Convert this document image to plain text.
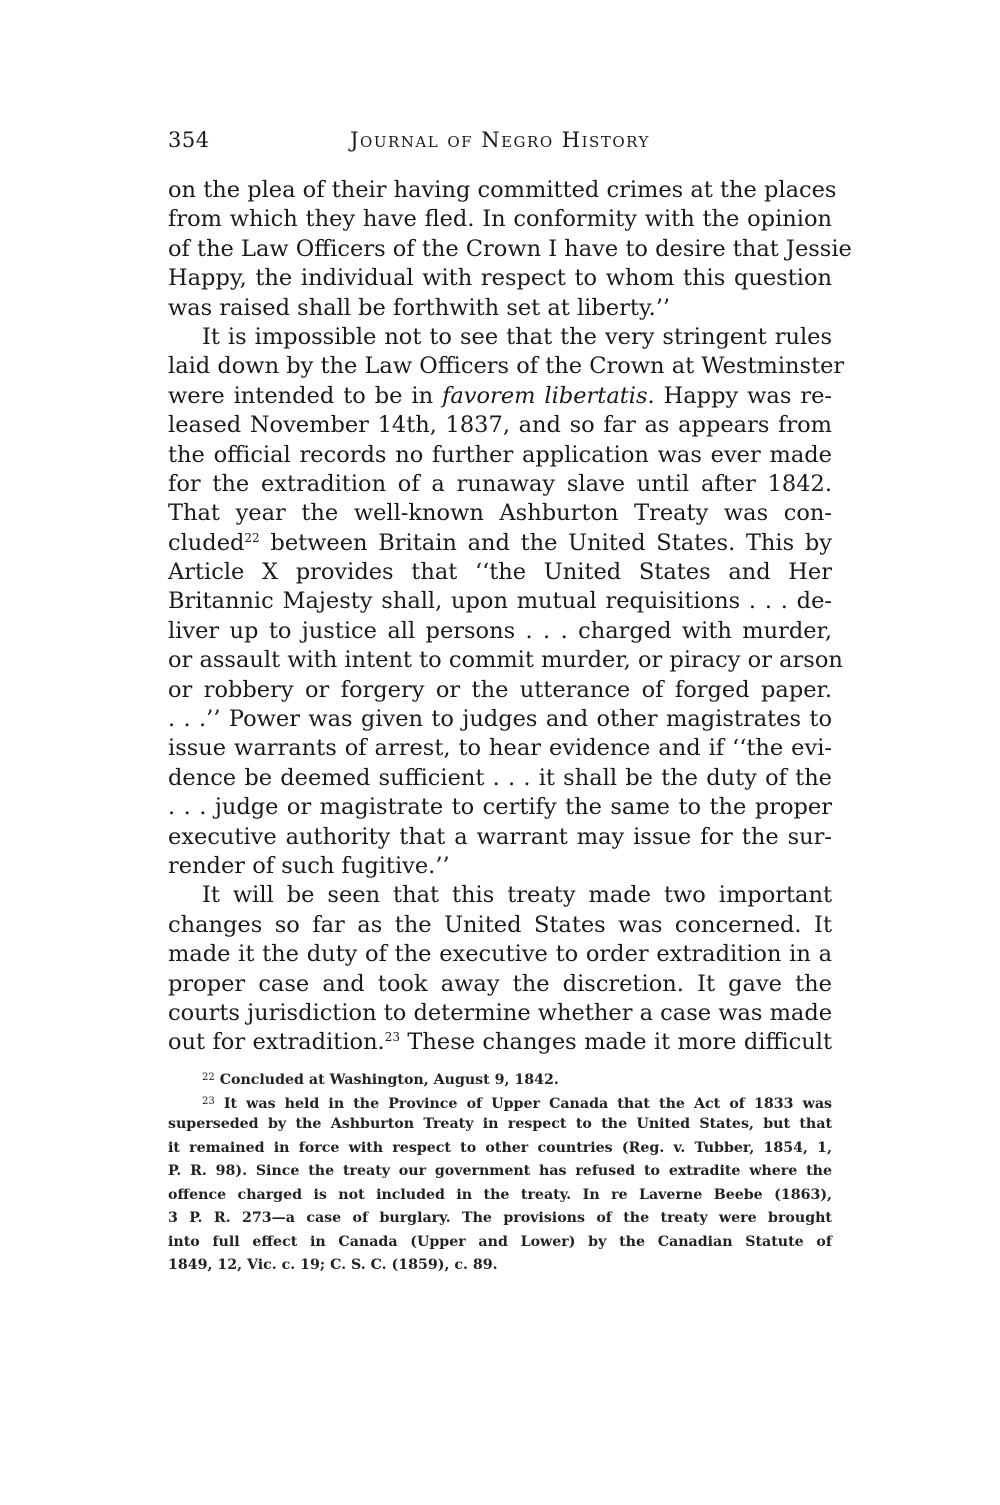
354	Journal of Negro History
on the plea of their having committed crimes at the places
from which they have fled. In conformity with the opinion
of the Law Officers of the Crown I have to desire that Jessie
Happy, the individual with respect to whom this question
was raised shall be forthwith set at liberty.’’
It is impossible not to see that the very stringent rules
laid down by the Law Officers of the Crown at Westminster
were intended to be in favorem libertatis. Happy was re-
leased November 14th, 1837, and so far as appears from
the official records no further application was ever made
for the extradition of a runaway slave until after 1842.
That year the well-known Ashburton Treaty was con-
cluded$^{22}$ between Britain and the United States. This by
Article X provides that ‘‘the United States and Her
Britannic Majesty shall, upon mutual requisitions . . . de-
liver up to justice all persons . . . charged with murder,
or assault with intent to commit murder, or piracy or arson
or robbery or forgery or the utterance of forged paper.
. . .’’ Power was given to judges and other magistrates to
issue warrants of arrest, to hear evidence and if ‘‘the evi-
dence be deemed sufficient . . . it shall be the duty of the
. . . judge or magistrate to certify the same to the proper
executive authority that a warrant may issue for the sur-
render of such fugitive.’’
It will be seen that this treaty made two important
changes so far as the United States was concerned. It
made it the duty of the executive to order extradition in a
proper case and took away the discretion. It gave the
courts jurisdiction to determine whether a case was made
out for extradition.$^{23}$ These changes made it more difficult
$^{22}$ Concluded at Washington, August 9, 1842.
$^{23}$ It was held in the Province of Upper Canada that the Act of 1833 was
superseded by the Ashburton Treaty in respect to the United States, but that
it remained in force with respect to other countries (Reg. v. Tubber, 1854, 1,
P. R. 98). Since the treaty our government has refused to extradite where the
offence charged is not included in the treaty. In re Laverne Beebe (1863),
3 P. R. 273—a case of burglary. The provisions of the treaty were brought
into full effect in Canada (Upper and Lower) by the Canadian Statute of
1849, 12, Vic. c. 19; C. S. C. (1859), c. 89.
